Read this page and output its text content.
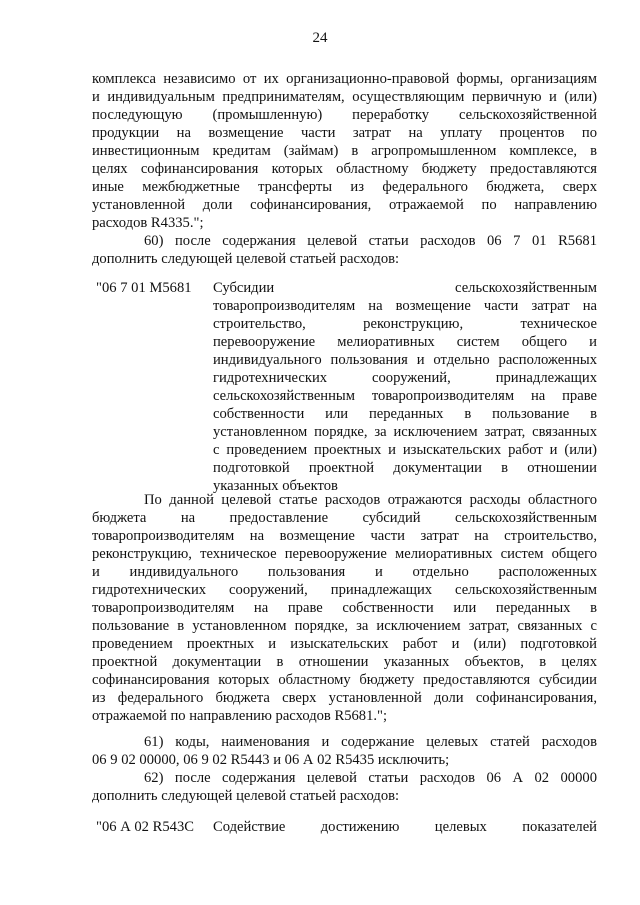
24
комплекса независимо от их организационно-правовой формы, организациям
и индивидуальным предпринимателям, осуществляющим первичную и (или)
последующую (промышленную) переработку сельскохозяйственной
продукции на возмещение части затрат на уплату процентов по
инвестиционным кредитам (займам) в агропромышленном комплексе, в
целях софинансирования которых областному бюджету предоставляются
иные межбюджетные трансферты из федерального бюджета, сверх
установленной доли софинансирования, отражаемой по направлению
расходов R4335.";
60) после содержания целевой статьи расходов 06 7 01 R5681
дополнить следующей целевой статьей расходов:
"06 7 01 М5681 Субсидии сельскохозяйственным
товаропроизводителям на возмещение части затрат на
строительство, реконструкцию, техническое
перевооружение мелиоративных систем общего и
индивидуального пользования и отдельно расположенных
гидротехнических сооружений, принадлежащих
сельскохозяйственным товаропроизводителям на праве
собственности или переданных в пользование в
установленном порядке, за исключением затрат, связанных
с проведением проектных и изыскательских работ и (или)
подготовкой проектной документации в отношении
указанных объектов
По данной целевой статье расходов отражаются расходы областного
бюджета на предоставление субсидий сельскохозяйственным
товаропроизводителям на возмещение части затрат на строительство,
реконструкцию, техническое перевооружение мелиоративных систем общего
и индивидуального пользования и отдельно расположенных
гидротехнических сооружений, принадлежащих сельскохозяйственным
товаропроизводителям на праве собственности или переданных в
пользование в установленном порядке, за исключением затрат, связанных с
проведением проектных и изыскательских работ и (или) подготовкой
проектной документации в отношении указанных объектов, в целях
софинансирования которых областному бюджету предоставляются субсидии
из федерального бюджета сверх установленной доли софинансирования,
отражаемой по направлению расходов R5681.";
61) коды, наименования и содержание целевых статей расходов
06 9 02 00000, 06 9 02 R5443 и 06 А 02 R5435 исключить;
62) после содержания целевой статьи расходов 06 А 02 00000
дополнить следующей целевой статьей расходов:
"06 А 02 R543С Содействие достижению целевых показателей
